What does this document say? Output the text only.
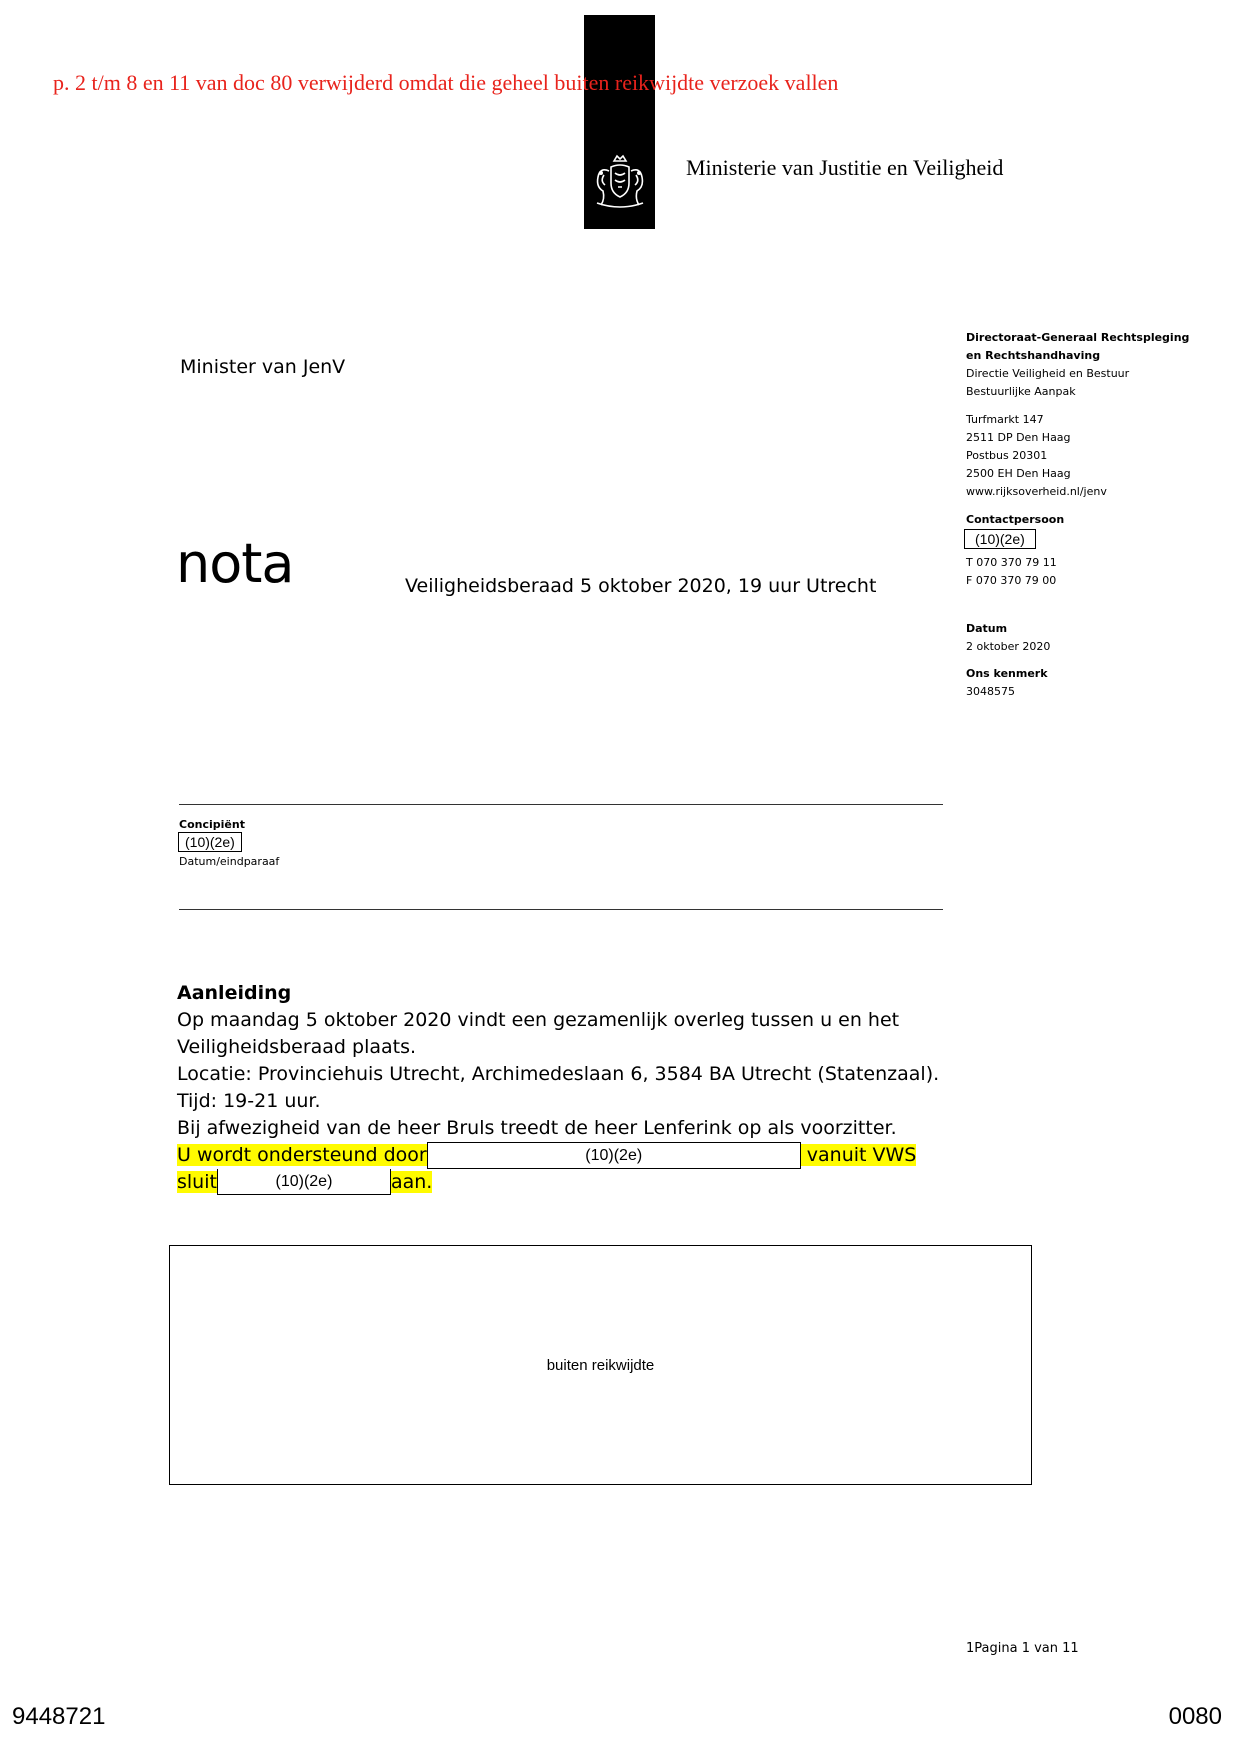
p. 2 t/m 8 en 11 van doc 80 verwijderd omdat die geheel buiten reikwijdte verzoek vallen
Ministerie van Justitie en Veiligheid
Minister van JenV
nota	Veiligheidsberaad 5 oktober 2020, 19 uur Utrecht
Directoraat-Generaal Rechtspleging
en Rechtshandhaving
Directie Veiligheid en Bestuur
Bestuurlijke Aanpak
Turfmarkt 147
2511 DP Den Haag
Postbus 20301
2500 EH Den Haag
www.rijksoverheid.nl/jenv
Contactpersoon
(10)(2e)
T 070 370 79 11
F 070 370 79 00
Datum
2 oktober 2020
Ons kenmerk
3048575
Concipiënt
(10)(2e)
Datum/eindparaaf
Aanleiding
Op maandag 5 oktober 2020 vindt een gezamenlijk overleg tussen u en het
Veiligheidsberaad plaats.
Locatie: Provinciehuis Utrecht, Archimedeslaan 6, 3584 BA Utrecht (Statenzaal).
Tijd: 19-21 uur.
Bij afwezigheid van de heer Bruls treedt de heer Lenferink op als voorzitter.
U wordt ondersteund door	(10)(2e)	vanuit VWS
sluit	(10)(2e)	aan.
buiten reikwijdte
1Pagina 1 van 11
9448721	0080
